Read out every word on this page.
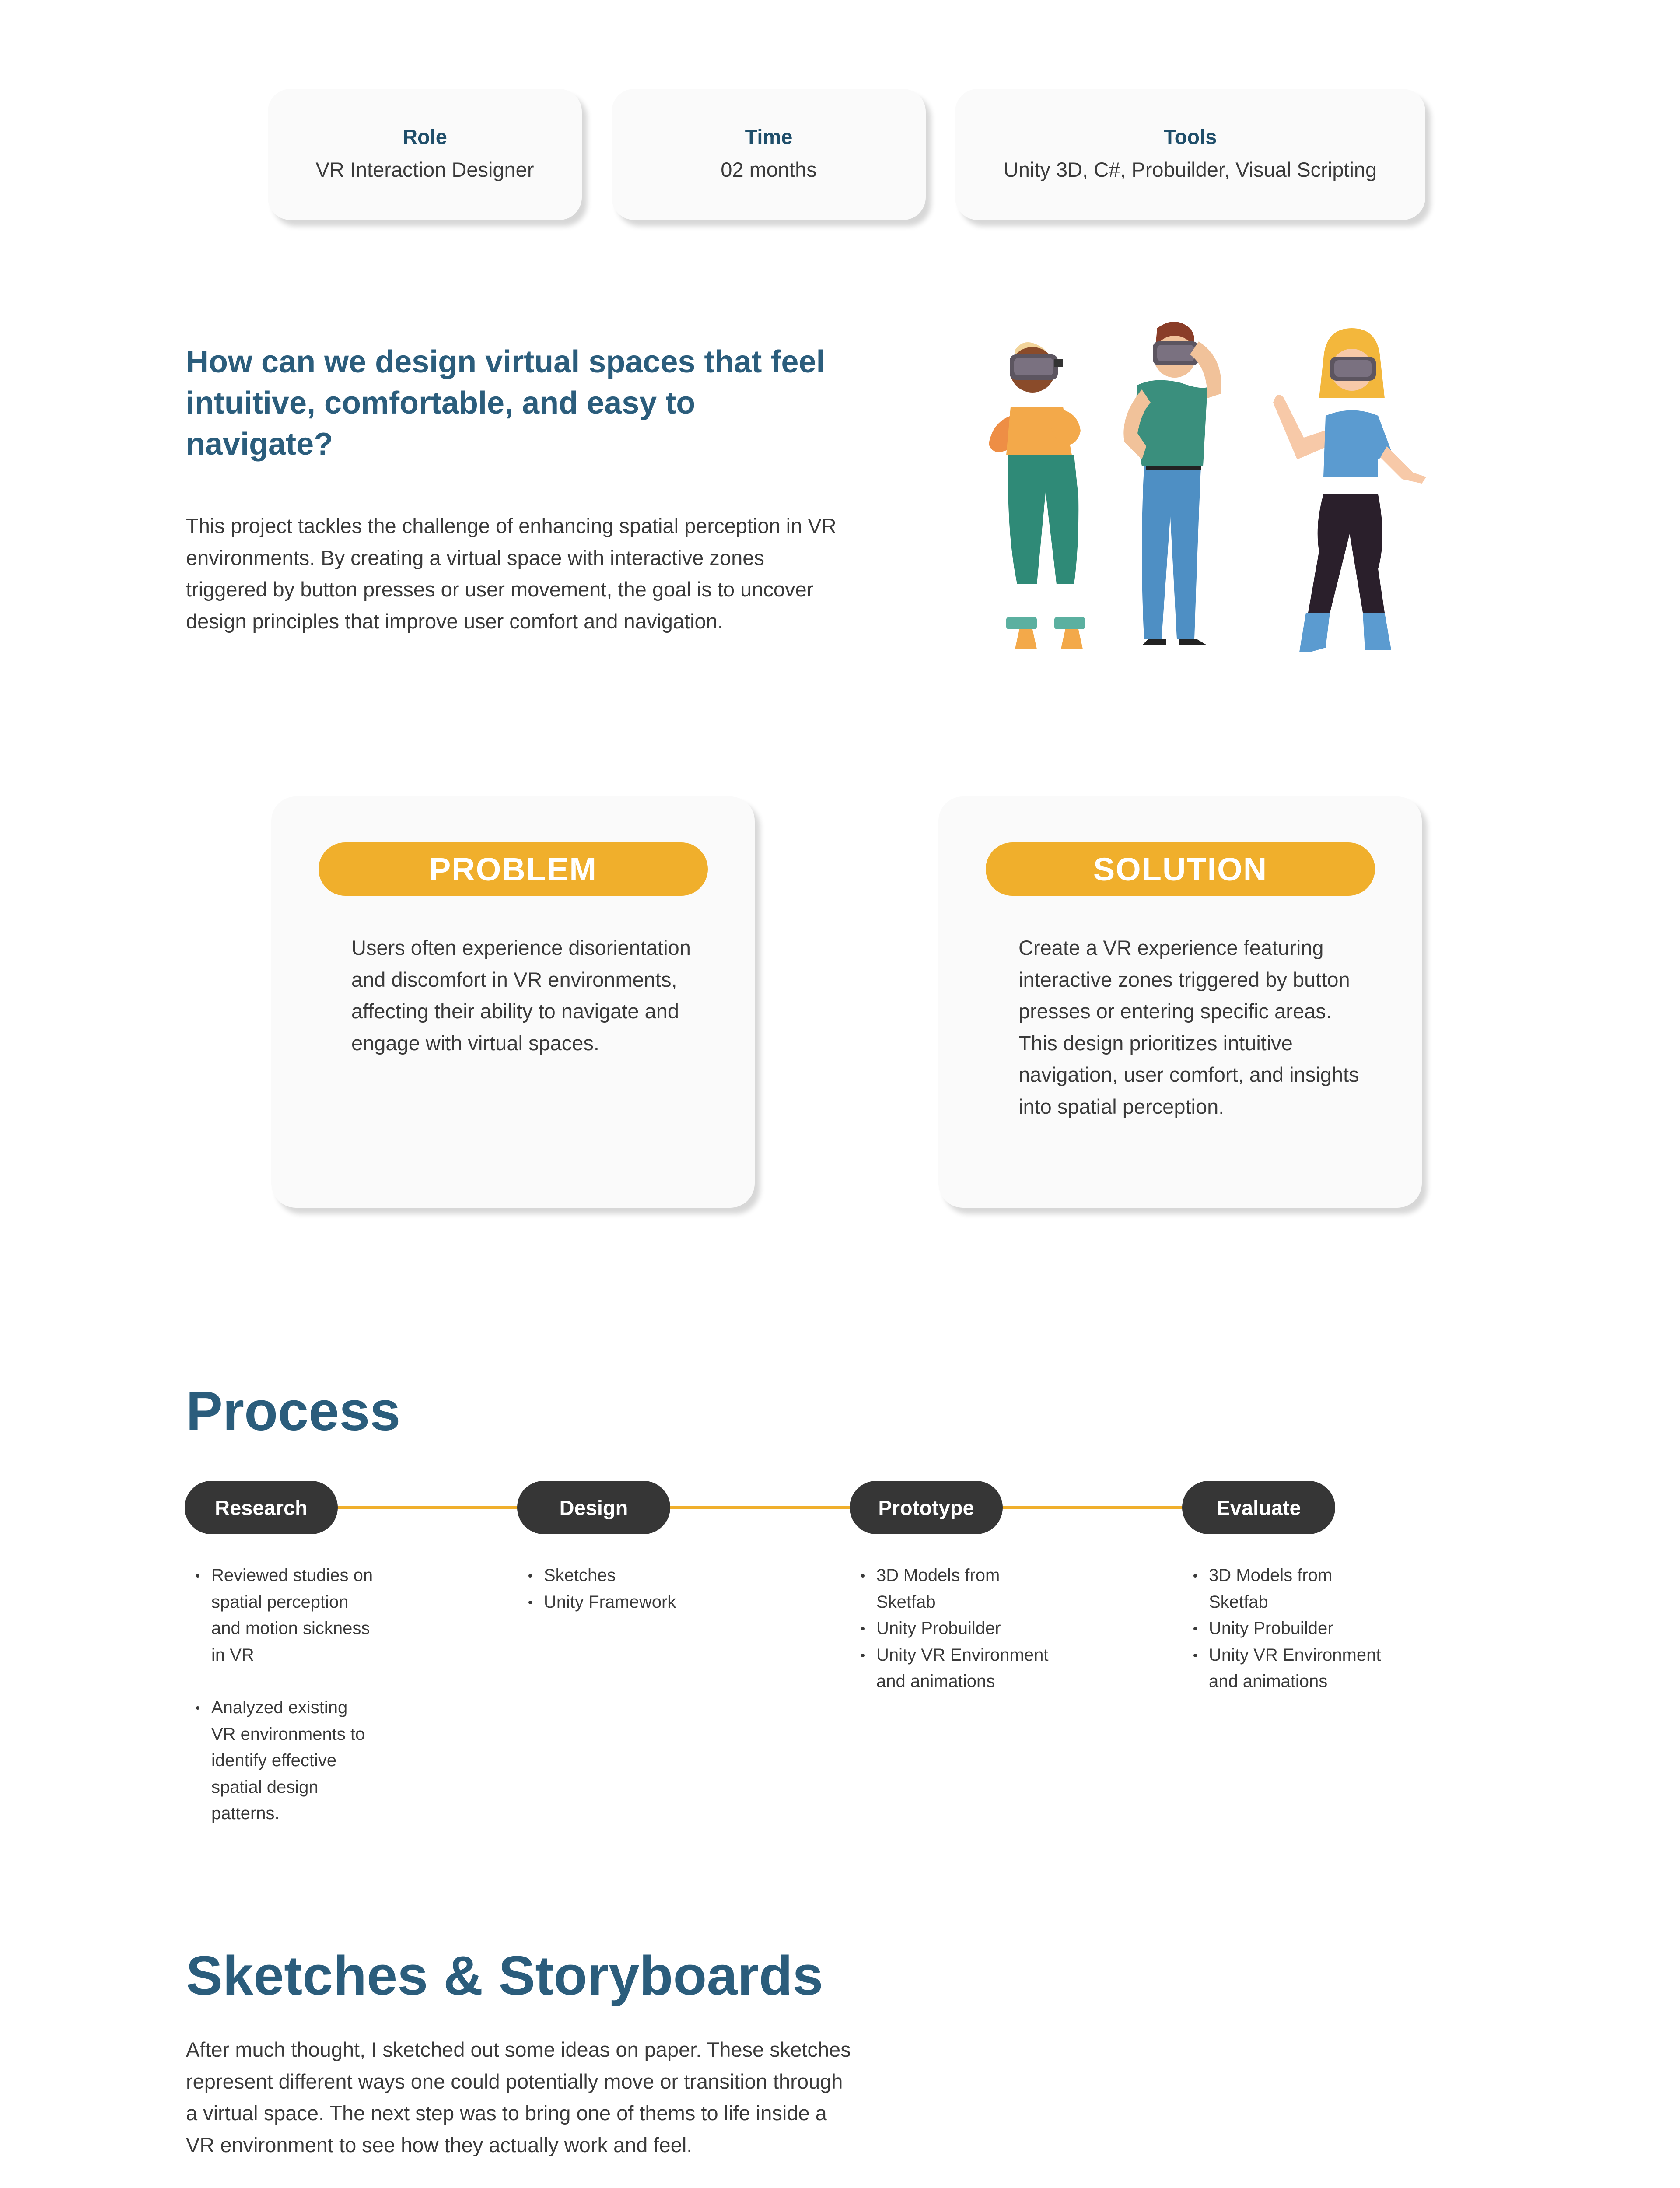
Role
VR Interaction Designer
Time
02 months
Tools
Unity 3D, C#, Probuilder, Visual Scripting
How can we design virtual spaces that feel intuitive, comfortable, and easy to navigate?

This project tackles the challenge of enhancing spatial perception in VR environments. By creating a virtual space with interactive zones triggered by button presses or user movement, the goal is to uncover design principles that improve user comfort and navigation.

PROBLEM

Users often experience disorientation and discomfort in VR environments, affecting their ability to navigate and engage with virtual spaces.

SOLUTION

Create a VR experience featuring interactive zones triggered by button presses or entering specific areas. This design prioritizes intuitive navigation, user comfort, and insights into spatial perception.

Process
Research	Design	Prototype	Evaluate
Reviewed studies on spatial perception and motion sickness in VR
Analyzed existing VR environments to identify effective spatial design patterns.
Sketches
Unity Framework
3D Models from Sketfab
Unity Probuilder
Unity VR Environment and animations
3D Models from Sketfab
Unity Probuilder
Unity VR Environment and animations
Sketches & Storyboards

After much thought, I sketched out some ideas on paper. These sketches represent different ways one could potentially move or transition through a virtual space. The next step was to bring one of thems to life inside a VR environment to see how they actually work and feel.
